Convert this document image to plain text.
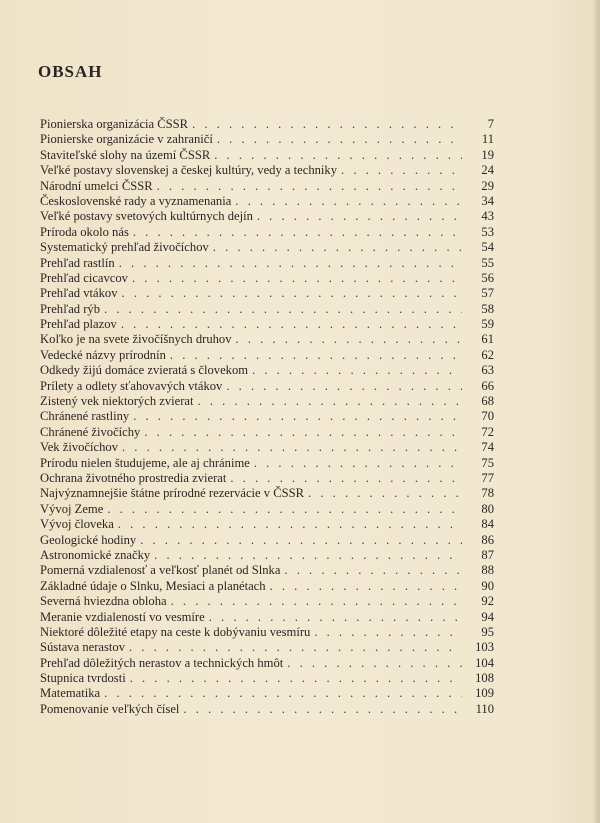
OBSAH
Pionierska organizácia ČSSR . . .	7
Pionierske organizácie v zahraničí . . .	11
Staviteľské slohy na území ČSSR . . .	19
Veľké postavy slovenskej a českej kultúry, vedy a techniky . . .	24
Národní umelci ČSSR . . .	29
Československé rady a vyznamenania . . .	34
Veľké postavy svetových kultúrnych dejín . . .	43
Príroda okolo nás . . .	53
Systematický prehľad živočíchov . . .	54
Prehľad rastlín . . .	55
Prehľad cicavcov . . .	56
Prehľad vtákov . . .	57
Prehľad rýb . . .	58
Prehľad plazov . . .	59
Koľko je na svete živočíšnych druhov . . .	61
Vedecké názvy prírodnín . . .	62
Odkedy žijú domáce zvieratá s človekom . . .	63
Prílety a odlety sťahovavých vtákov . . .	66
Zistený vek niektorých zvierat . . .	68
Chránené rastliny . . .	70
Chránené živočíchy . . .	72
Vek živočíchov . . .	74
Prírodu nielen študujeme, ale aj chránime . . .	75
Ochrana životného prostredia zvierat . . .	77
Najvýznamnejšie štátne prírodné rezervácie v ČSSR . . .	78
Vývoj Zeme . . .	80
Vývoj človeka . . .	84
Geologické hodiny . . .	86
Astronomické značky . . .	87
Pomerná vzdialenosť a veľkosť planét od Slnka . . .	88
Základné údaje o Slnku, Mesiaci a planétach . . .	90
Severná hviezdna obloha . . .	92
Meranie vzdialeností vo vesmíre . . .	94
Niektoré dôležité etapy na ceste k dobývaniu vesmíru . . .	95
Sústava nerastov . . .	103
Prehľad dôležitých nerastov a technických hmôt . . .	104
Stupnica tvrdosti . . .	108
Matematika . . .	109
Pomenovanie veľkých čísel . . .	110
